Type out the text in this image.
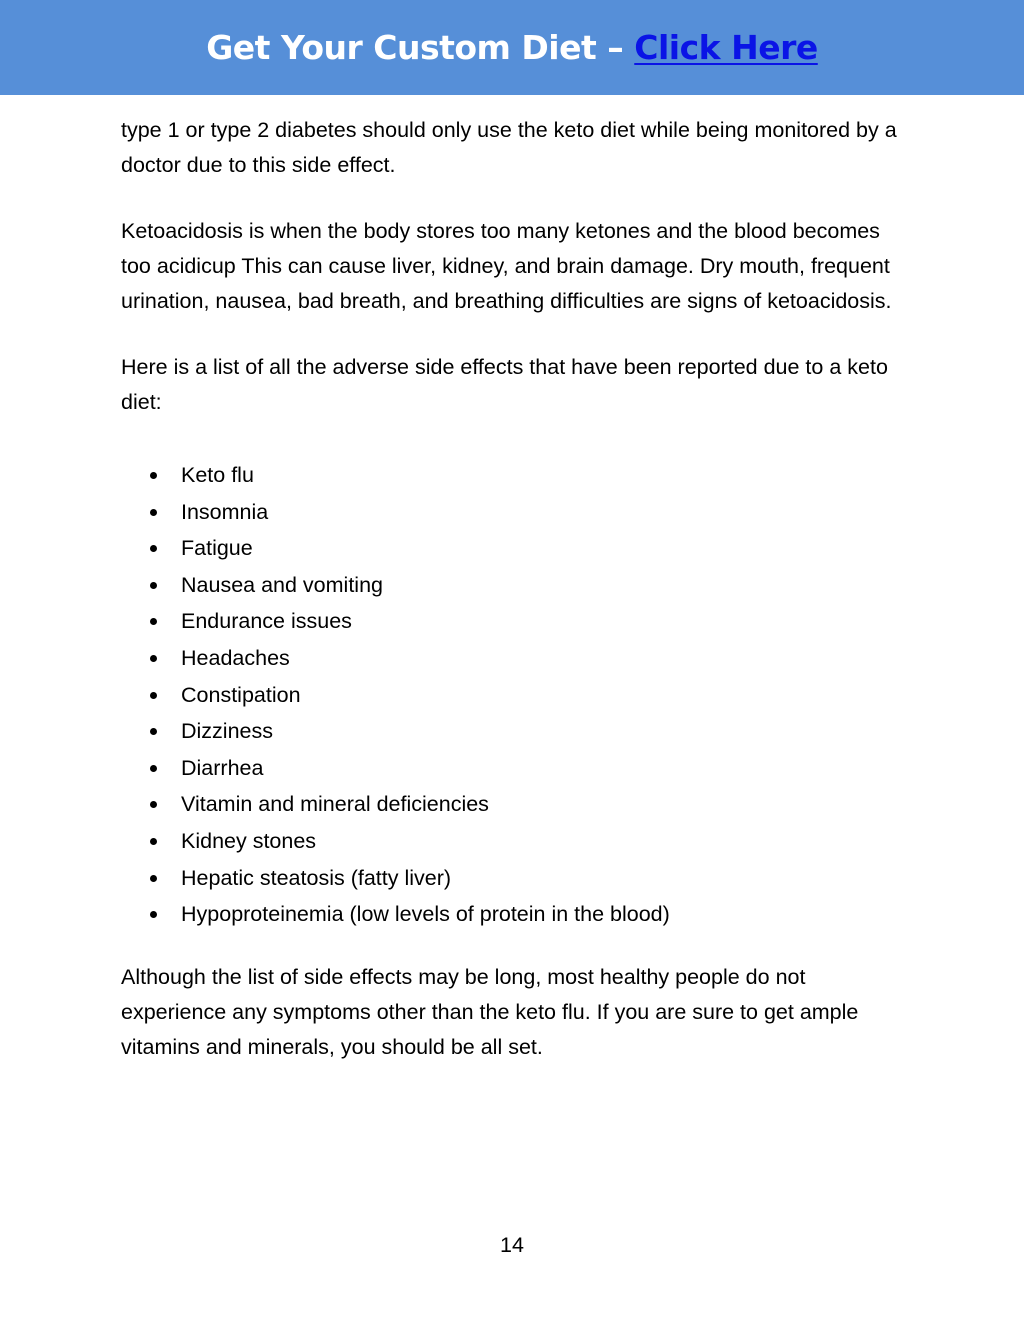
Get Your Custom Diet – Click Here

type 1 or type 2 diabetes should only use the keto diet while being monitored by a doctor due to this side effect.

Ketoacidosis is when the body stores too many ketones and the blood becomes too acidicup This can cause liver, kidney, and brain damage. Dry mouth, frequent urination, nausea, bad breath, and breathing difficulties are signs of ketoacidosis.

Here is a list of all the adverse side effects that have been reported due to a keto diet:

Keto flu
Insomnia
Fatigue
Nausea and vomiting
Endurance issues
Headaches
Constipation
Dizziness
Diarrhea
Vitamin and mineral deficiencies
Kidney stones
Hepatic steatosis (fatty liver)
Hypoproteinemia (low levels of protein in the blood)

Although the list of side effects may be long, most healthy people do not experience any symptoms other than the keto flu. If you are sure to get ample vitamins and minerals, you should be all set.

14
